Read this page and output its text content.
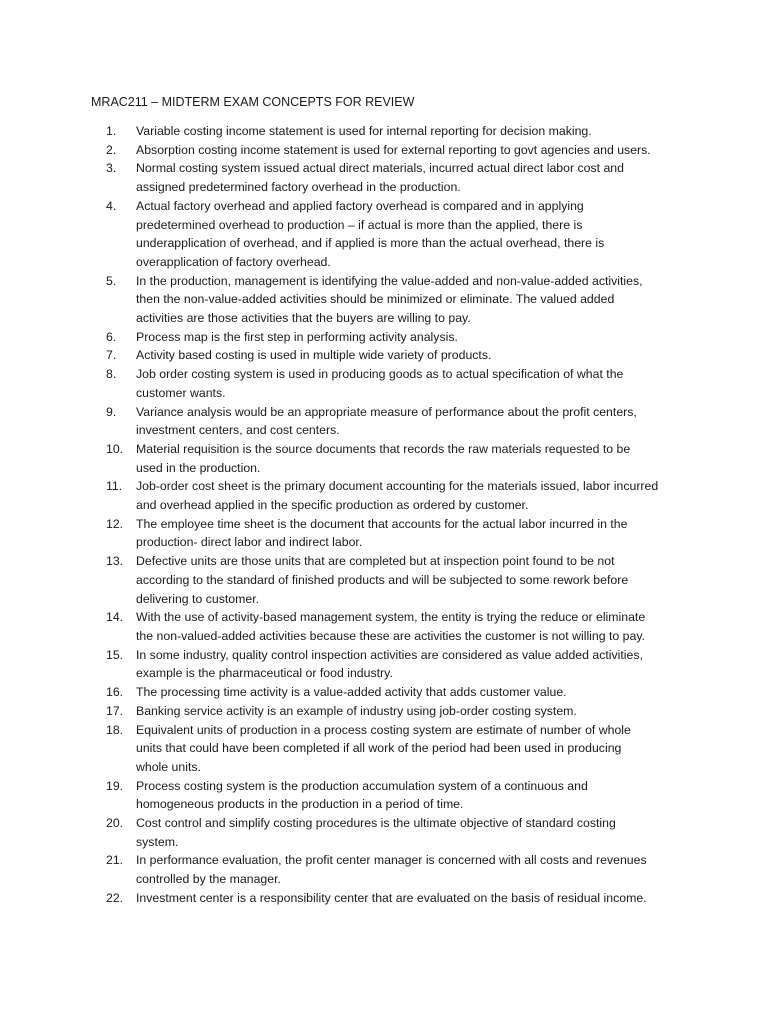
MRAC211 – MIDTERM EXAM CONCEPTS FOR REVIEW
1.	Variable costing income statement is used for internal reporting for decision making.
2.	Absorption costing income statement is used for external reporting to govt agencies and users.
3.	Normal costing system issued actual direct materials, incurred actual direct labor cost and
assigned predetermined factory overhead in the production.
4.	Actual factory overhead and applied factory overhead is compared and in applying
predetermined overhead to production – if actual is more than the applied, there is
underapplication of overhead, and if applied is more than the actual overhead, there is
overapplication of factory overhead.
5.	In the production, management is identifying the value-added and non-value-added activities,
then the non-value-added activities should be minimized or eliminate. The valued added
activities are those activities that the buyers are willing to pay.
6.	Process map is the first step in performing activity analysis.
7.	Activity based costing is used in multiple wide variety of products.
8.	Job order costing system is used in producing goods as to actual specification of what the
customer wants.
9.	Variance analysis would be an appropriate measure of performance about the profit centers,
investment centers, and cost centers.
10.	Material requisition is the source documents that records the raw materials requested to be
used in the production.
11.	Job-order cost sheet is the primary document accounting for the materials issued, labor incurred
and overhead applied in the specific production as ordered by customer.
12.	The employee time sheet is the document that accounts for the actual labor incurred in the
production- direct labor and indirect labor.
13.	Defective units are those units that are completed but at inspection point found to be not
according to the standard of finished products and will be subjected to some rework before
delivering to customer.
14.	With the use of activity-based management system, the entity is trying the reduce or eliminate
the non-valued-added activities because these are activities the customer is not willing to pay.
15.	In some industry, quality control inspection activities are considered as value added activities,
example is the pharmaceutical or food industry.
16.	The processing time activity is a value-added activity that adds customer value.
17.	Banking service activity is an example of industry using job-order costing system.
18.	Equivalent units of production in a process costing system are estimate of number of whole
units that could have been completed if all work of the period had been used in producing
whole units.
19.	Process costing system is the production accumulation system of a continuous and
homogeneous products in the production in a period of time.
20.	Cost control and simplify costing procedures is the ultimate objective of standard costing
system.
21.	In performance evaluation, the profit center manager is concerned with all costs and revenues
controlled by the manager.
22.	Investment center is a responsibility center that are evaluated on the basis of residual income.
